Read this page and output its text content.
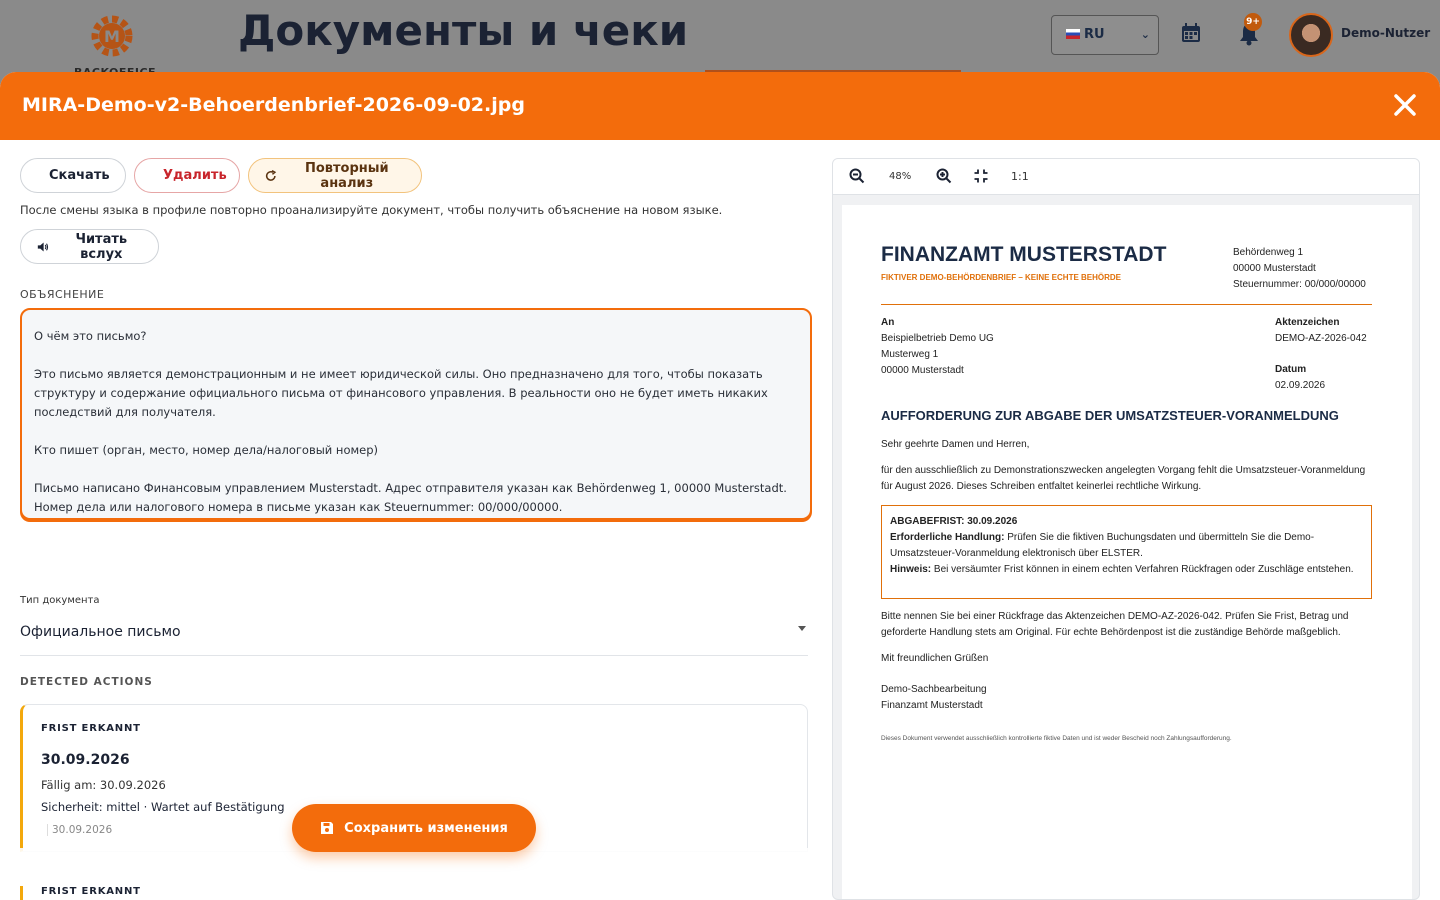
M	Документы и чеки	RU	⌄
9+
Demo-Nutzer
MIRA-Demo-v2-Behoerdenbrief-2026-09-02.jpg
Скачать	Удалить	Повторный анализ
После смены языка в профиле повторно проанализируйте документ, чтобы получить объяснение на новом языке.
Читать вслух
ОБЪЯСНЕНИЕ

О чём это письмо?

Это письмо является демонстрационным и не имеет юридической силы. Оно предназначено для того, чтобы показать структуру и содержание официального письма от финансового управления. В реальности оно не будет иметь никаких последствий для получателя.

Кто пишет (орган, место, номер дела/налоговый номер)

Письмо написано Финансовым управлением Musterstadt. Адрес отправителя указан как Behördenweg 1, 00000 Musterstadt. Номер дела или налогового номера в письме указан как Steuernummer: 00/000/00000.

Тип документа
Официальное письмо
DETECTED ACTIONS
FRIST ERKANNT
30.09.2026
Fällig am: 30.09.2026
Sicherheit: mittel · Wartet auf Bestätigung
30.09.2026	Сохранить изменения
FRIST ERKANNT
48%	1:1
FINANZAMT MUSTERSTADT
FIKTIVER DEMO-BEHÖRDENBRIEF – KEINE ECHTE BEHÖRDE
Behördenweg 1
00000 Musterstadt
Steuernummer: 00/000/00000
An
Beispielbetrieb Demo UG
Musterweg 1
00000 Musterstadt
Aktenzeichen
DEMO-AZ-2026-042
Datum
02.09.2026
AUFFORDERUNG ZUR ABGABE DER UMSATZSTEUER-VORANMELDUNG
Sehr geehrte Damen und Herren,
für den ausschließlich zu Demonstrationszwecken angelegten Vorgang fehlt die Umsatzsteuer-Voranmeldung für August 2026. Dieses Schreiben entfaltet keinerlei rechtliche Wirkung.
ABGABEFRIST: 30.09.2026
Erforderliche Handlung: Prüfen Sie die fiktiven Buchungsdaten und übermitteln Sie die Demo-Umsatzsteuer-Voranmeldung elektronisch über ELSTER.
Hinweis: Bei versäumter Frist können in einem echten Verfahren Rückfragen oder Zuschläge entstehen.
Bitte nennen Sie bei einer Rückfrage das Aktenzeichen DEMO-AZ-2026-042. Prüfen Sie Frist, Betrag und geforderte Handlung stets am Original. Für echte Behördenpost ist die zuständige Behörde maßgeblich.
Mit freundlichen Grüßen
Demo-Sachbearbeitung
Finanzamt Musterstadt
Dieses Dokument verwendet ausschließlich kontrollierte fiktive Daten und ist weder Bescheid noch Zahlungsaufforderung.
